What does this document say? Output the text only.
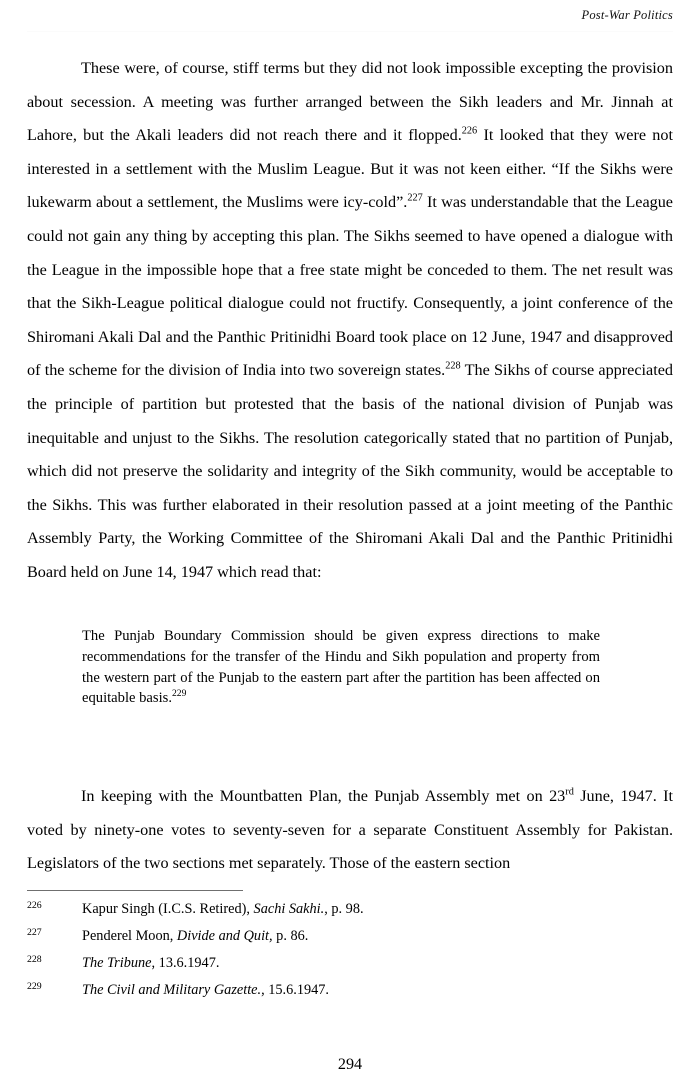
Post-War Politics

These were, of course, stiff terms but they did not look impossible excepting the provision about secession. A meeting was further arranged between the Sikh leaders and Mr. Jinnah at Lahore, but the Akali leaders did not reach there and it flopped.$^{226}$ It looked that they were not interested in a settlement with the Muslim League. But it was not keen either. “If the Sikhs were lukewarm about a settlement, the Muslims were icy-cold”.$^{227}$ It was understandable that the League could not gain any thing by accepting this plan. The Sikhs seemed to have opened a dialogue with the League in the impossible hope that a free state might be conceded to them. The net result was that the Sikh-League political dialogue could not fructify. Consequently, a joint conference of the Shiromani Akali Dal and the Panthic Pritinidhi Board took place on 12 June, 1947 and disapproved of the scheme for the division of India into two sovereign states.$^{228}$ The Sikhs of course appreciated the principle of partition but protested that the basis of the national division of Punjab was inequitable and unjust to the Sikhs. The resolution categorically stated that no partition of Punjab, which did not preserve the solidarity and integrity of the Sikh community, would be acceptable to the Sikhs. This was further elaborated in their resolution passed at a joint meeting of the Panthic Assembly Party, the Working Committee of the Shiromani Akali Dal and the Panthic Pritinidhi Board held on June 14, 1947 which read that:

The Punjab Boundary Commission should be given express directions to make recommendations for the transfer of the Hindu and Sikh population and property from the western part of the Punjab to the eastern part after the partition has been affected on equitable basis.$^{229}$

In keeping with the Mountbatten Plan, the Punjab Assembly met on 23rd June, 1947. It voted by ninety-one votes to seventy-seven for a separate Constituent Assembly for Pakistan. Legislators of the two sections met separately. Those of the eastern section

226	Kapur Singh (I.C.S. Retired), Sachi Sakhi., p. 98.
227	Penderel Moon, Divide and Quit, p. 86.
228	The Tribune, 13.6.1947.
229	The Civil and Military Gazette., 15.6.1947.
294
